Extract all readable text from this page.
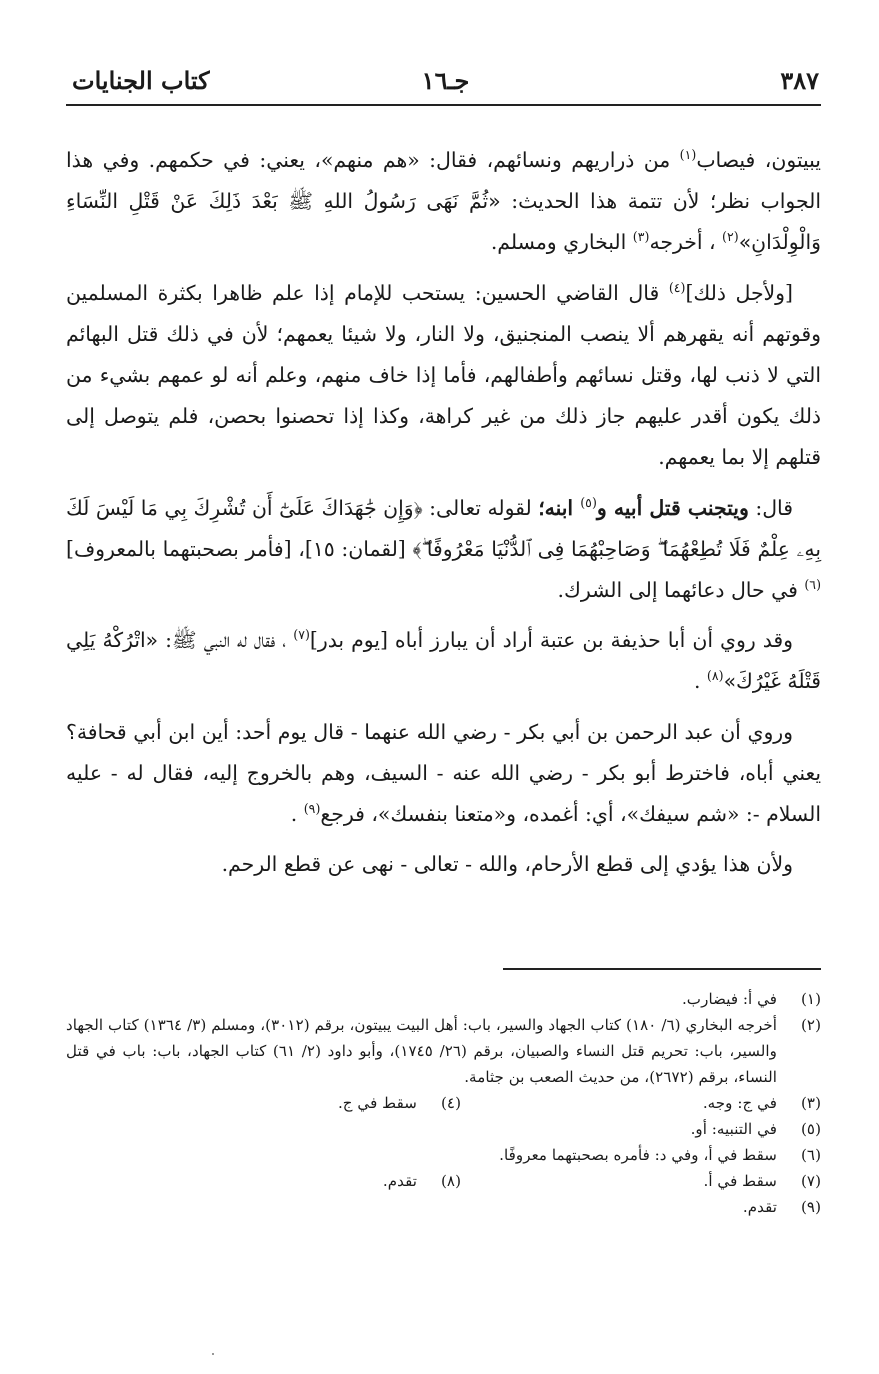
٣٨٧
جـ١٦
كتاب الجنايات

يبيتون، فيصاب$^{(١)}$ من ذراريهم ونسائهم، فقال: «هم منهم»، يعني: في حكمهم. وفي هذا الجواب نظر؛ لأن تتمة هذا الحديث: «ثُمَّ نَهَى رَسُولُ اللهِ ﷺ بَعْدَ ذَلِكَ عَنْ قَتْلِ النِّسَاءِ وَالْوِلْدَانِ»$^{(٢)}$ ، أخرجه$^{(٣)}$ البخاري ومسلم.

[ولأجل ذلك]$^{(٤)}$ قال القاضي الحسين: يستحب للإمام إذا علم ظاهرا بكثرة المسلمين وقوتهم أنه يقهرهم ألا ينصب المنجنيق، ولا النار، ولا شيئا يعمهم؛ لأن في ذلك قتل البهائم التي لا ذنب لها، وقتل نسائهم وأطفالهم، فأما إذا خاف منهم، وعلم أنه لو عمهم بشيء من ذلك يكون أقدر عليهم جاز ذلك من غير كراهة، وكذا إذا تحصنوا بحصن، فلم يتوصل إلى قتلهم إلا بما يعمهم.

قال: ويتجنب قتل أبيه و$^{(٥)}$ ابنه؛ لقوله تعالى: ﴿وَإِن جَٰهَدَاكَ عَلَىٰٓ أَن تُشْرِكَ بِي مَا لَيْسَ لَكَ بِهِۦ عِلْمٌ فَلَا تُطِعْهُمَا ۖ وَصَاحِبْهُمَا فِى ٱلدُّنْيَا مَعْرُوفًا ۖ﴾ [لقمان: ١٥]، [فأمر بصحبتهما بالمعروف]$^{(٦)}$ في حال دعائهما إلى الشرك.

وقد روي أن أبا حذيفة بن عتبة أراد أن يبارز أباه [يوم بدر]$^{(٧)}$ ، فقال له النبي ﷺ: «اتْرُكْهُ يَلِي قَتْلَهُ غَيْرُكَ»$^{(٨)}$ .

وروي أن عبد الرحمن بن أبي بكر - رضي الله عنهما - قال يوم أحد: أين ابن أبي قحافة؟ يعني أباه، فاخترط أبو بكر - رضي الله عنه - السيف، وهم بالخروج إليه، فقال له - عليه السلام -: «شم سيفك»، أي: أغمده، و«متعنا بنفسك»، فرجع$^{(٩)}$ .

ولأن هذا يؤدي إلى قطع الأرحام، والله - تعالى - نهى عن قطع الرحم.

(١)
في أ: فيضارب.
(٢)
أخرجه البخاري (٦/ ١٨٠) كتاب الجهاد والسير، باب: أهل البيت يبيتون، برقم (٣٠١٢)، ومسلم (٣/ ١٣٦٤) كتاب الجهاد والسير، باب: تحريم قتل النساء والصبيان، برقم (٢٦/ ١٧٤٥)، وأبو داود (٢/ ٦١) كتاب الجهاد، باب: باب في قتل النساء، برقم (٢٦٧٢)، من حديث الصعب بن جثامة.
(٣)
في ج: وجه.
(٤)
سقط في ج.
(٥)
في التنبيه: أو.
(٦)
سقط في أ، وفي د: فأمره بصحبتهما معروفًا.
(٧)
سقط في أ.
(٨)
تقدم.
(٩)
تقدم.
